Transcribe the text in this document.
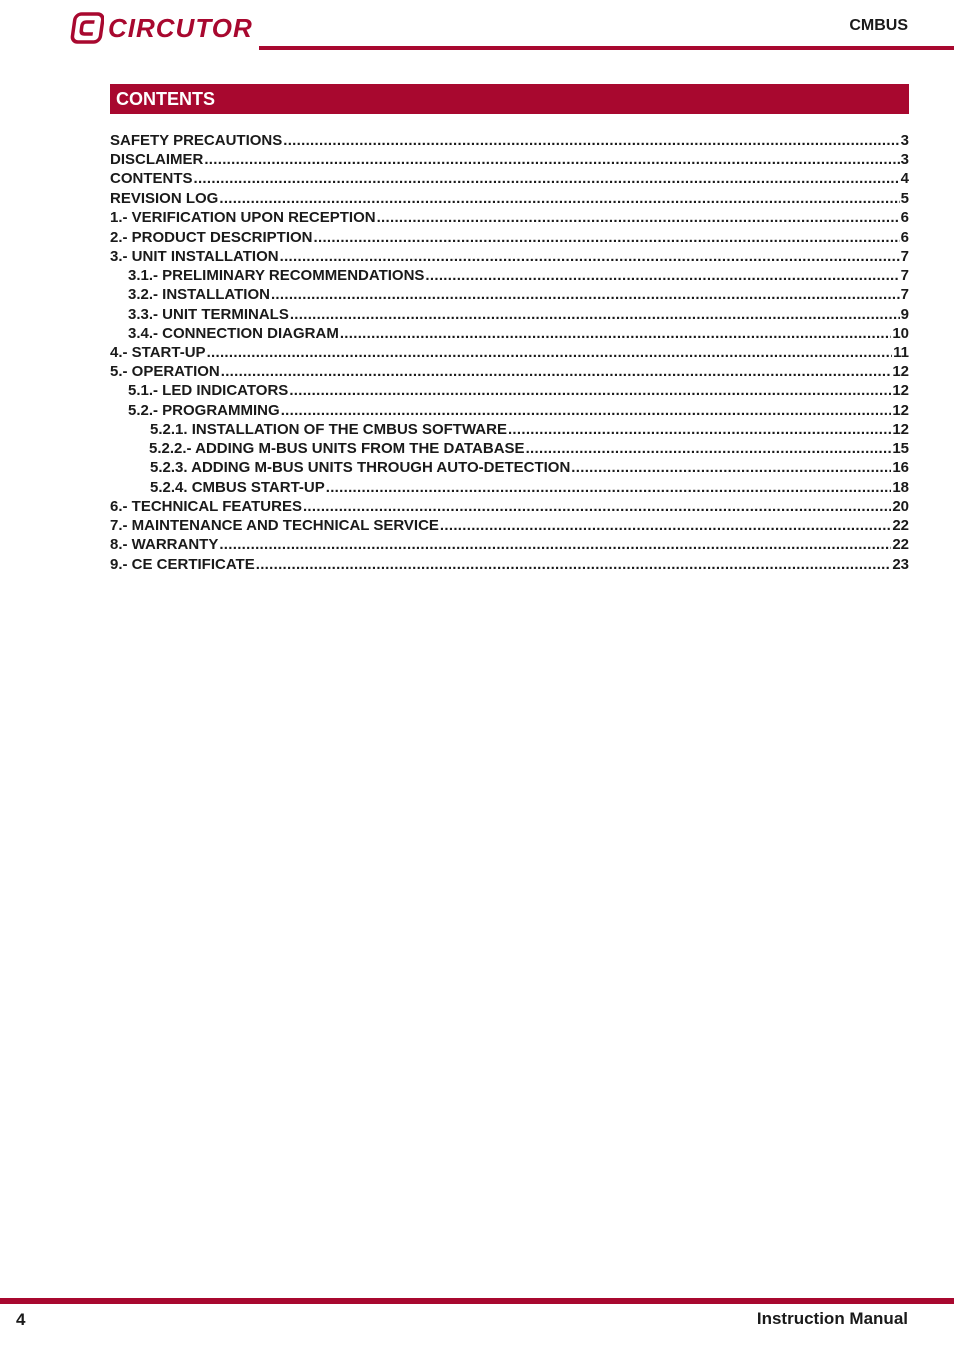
CIRCUTOR	CMBUS
CONTENTS
SAFETY PRECAUTIONS .....	3
DISCLAIMER .....	3
CONTENTS .....	4
REVISION LOG .....	5
1.- VERIFICATION UPON RECEPTION .....	6
2.- PRODUCT DESCRIPTION .....	6
3.- UNIT INSTALLATION .....	7
3.1.- PRELIMINARY RECOMMENDATIONS .....	7
3.2.- INSTALLATION .....	7
3.3.- UNIT TERMINALS .....	9
3.4.- CONNECTION DIAGRAM .....	10
4.- START-UP .....	11
5.- OPERATION .....	12
5.1.- LED INDICATORS .....	12
5.2.- PROGRAMMING .....	12
5.2.1. INSTALLATION OF THE CMBUS SOFTWARE .....	12
5.2.2.- ADDING M-BUS UNITS FROM THE DATABASE .....	15
5.2.3. ADDING M-BUS UNITS THROUGH AUTO-DETECTION .....	16
5.2.4. CMBUS START-UP .....	18
6.- TECHNICAL FEATURES .....	20
7.- MAINTENANCE AND TECHNICAL SERVICE .....	22
8.- WARRANTY .....	22
9.- CE CERTIFICATE .....	23
4	Instruction Manual
